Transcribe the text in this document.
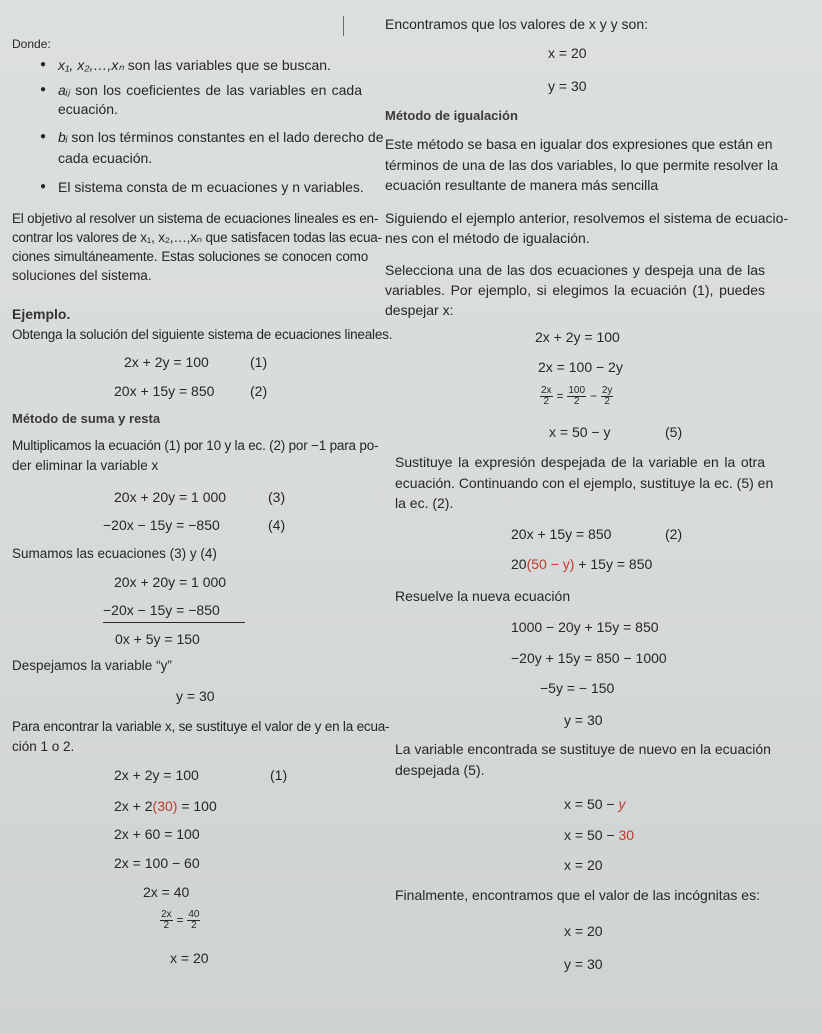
Donde:
● x₁, x₂,…,xₙ son las variables que se buscan.
● aᵢⱼ son los coeficientes de las variables en cada
ecuación.
● bᵢ son los términos constantes en el lado derecho de
cada ecuación.
● El sistema consta de m ecuaciones y n variables.
El objetivo al resolver un sistema de ecuaciones lineales es en-
contrar los valores de x₁, x₂,…,xₙ que satisfacen todas las ecua-
ciones simultáneamente. Estas soluciones se conocen como
soluciones del sistema.
Ejemplo.
Obtenga la solución del siguiente sistema de ecuaciones lineales.
2x + 2y = 100	(1)
20x + 15y = 850	(2)
Método de suma y resta
Multiplicamos la ecuación (1) por 10 y la ec. (2) por −1 para po-
der eliminar la variable x
20x + 20y = 1 000	(3)
−20x − 15y = −850	(4)
Sumamos las ecuaciones (3) y (4)
20x + 20y = 1 000
−20x − 15y = −850
0x + 5y = 150
Despejamos la variable “y”
y = 30
Para encontrar la variable x, se sustituye el valor de y en la ecua-
ción 1 o 2.
2x + 2y = 100	(1)
2x + 2(30) = 100
2x + 60 = 100
2x = 100 − 60
2x = 40
$\frac{2x}{2} = \frac{40}{2}$
x = 20
Encontramos que los valores de x y y son:
x = 20
y = 30
Método de igualación
Este método se basa en igualar dos expresiones que están en
términos de una de las dos variables, lo que permite resolver la
ecuación resultante de manera más sencilla
Siguiendo el ejemplo anterior, resolvemos el sistema de ecuacio-
nes con el método de igualación.
Selecciona una de las dos ecuaciones y despeja una de las
variables. Por ejemplo, si elegimos la ecuación (1), puedes
despejar x:
2x + 2y = 100
2x = 100 − 2y
$\frac{2x}{2} = \frac{100}{2} - \frac{2y}{2}$
x = 50 − y	(5)
Sustituye la expresión despejada de la variable en la otra
ecuación. Continuando con el ejemplo, sustituye la ec. (5) en
la ec. (2).
20x + 15y = 850	(2)
20(50 − y) + 15y = 850
Resuelve la nueva ecuación
1000 − 20y + 15y = 850
−20y + 15y = 850 − 1000
−5y = − 150
y = 30
La variable encontrada se sustituye de nuevo en la ecuación
despejada (5).
x = 50 − y
x = 50 − 30
x = 20
Finalmente, encontramos que el valor de las incógnitas es:
x = 20
y = 30
